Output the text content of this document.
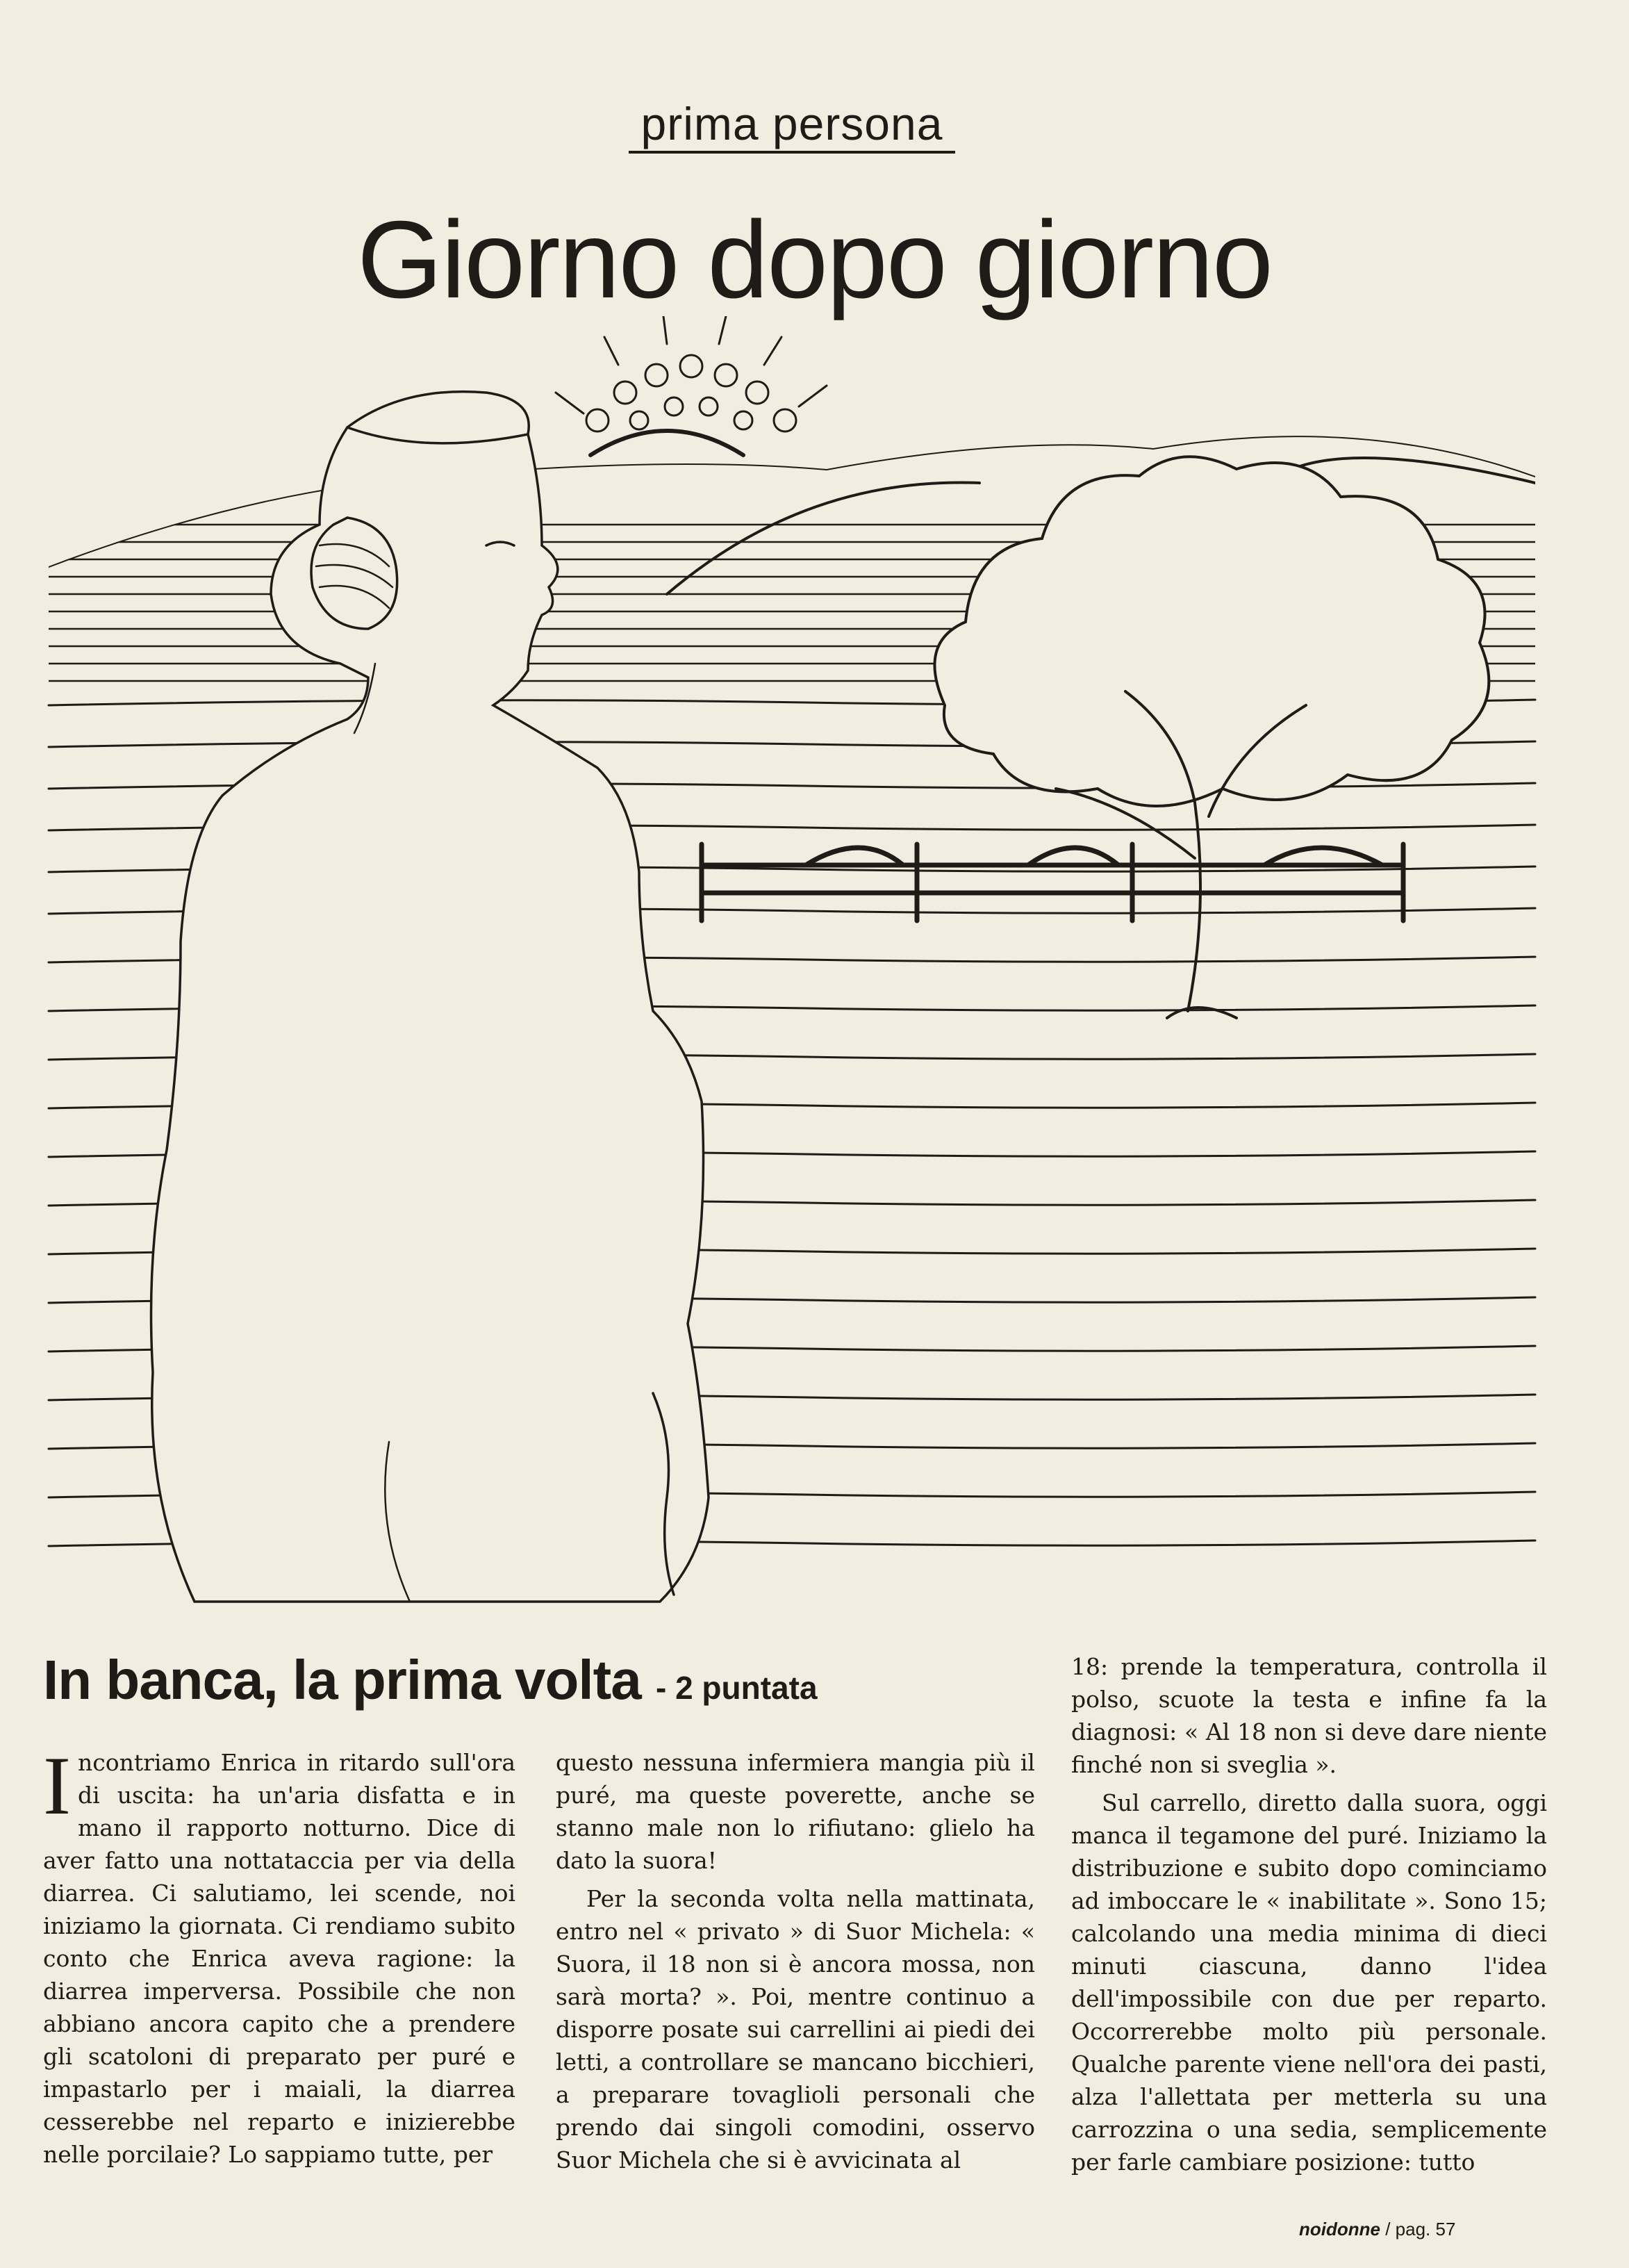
prima persona
Giorno dopo giorno
In banca, la prima volta - 2 puntata

Incontriamo Enrica in ritardo sull'ora di uscita: ha un'aria disfatta e in mano il rapporto notturno. Dice di aver fatto una nottataccia per via della diarrea. Ci salutiamo, lei scende, noi iniziamo la giornata. Ci rendiamo subito conto che Enrica aveva ragione: la diarrea imperversa. Possibile che non abbiano ancora capito che a prendere gli scatoloni di preparato per puré e impastarlo per i maiali, la diarrea cesserebbe nel reparto e inizierebbe nelle porcilaie? Lo sappiamo tutte, per

questo nessuna infermiera mangia più il puré, ma queste poverette, anche se stanno male non lo rifiutano: glielo ha dato la suora!

Per la seconda volta nella mattinata, entro nel « privato » di Suor Michela: « Suora, il 18 non si è ancora mossa, non sarà morta? ». Poi, mentre continuo a disporre posate sui carrellini ai piedi dei letti, a controllare se mancano bicchieri, a preparare tovaglioli personali che prendo dai singoli comodini, osservo Suor Michela che si è avvicinata al

18: prende la temperatura, controlla il polso, scuote la testa e infine fa la diagnosi: « Al 18 non si deve dare niente finché non si sveglia ».

Sul carrello, diretto dalla suora, oggi manca il tegamone del puré. Iniziamo la distribuzione e subito dopo cominciamo ad imboccare le « inabilitate ». Sono 15; calcolando una media minima di dieci minuti ciascuna, danno l'idea dell'impossibile con due per reparto. Occorrerebbe molto più personale. Qualche parente viene nell'ora dei pasti, alza l'allettata per metterla su una carrozzina o una sedia, semplicemente per farle cambiare posizione: tutto

noidonne / pag. 57
